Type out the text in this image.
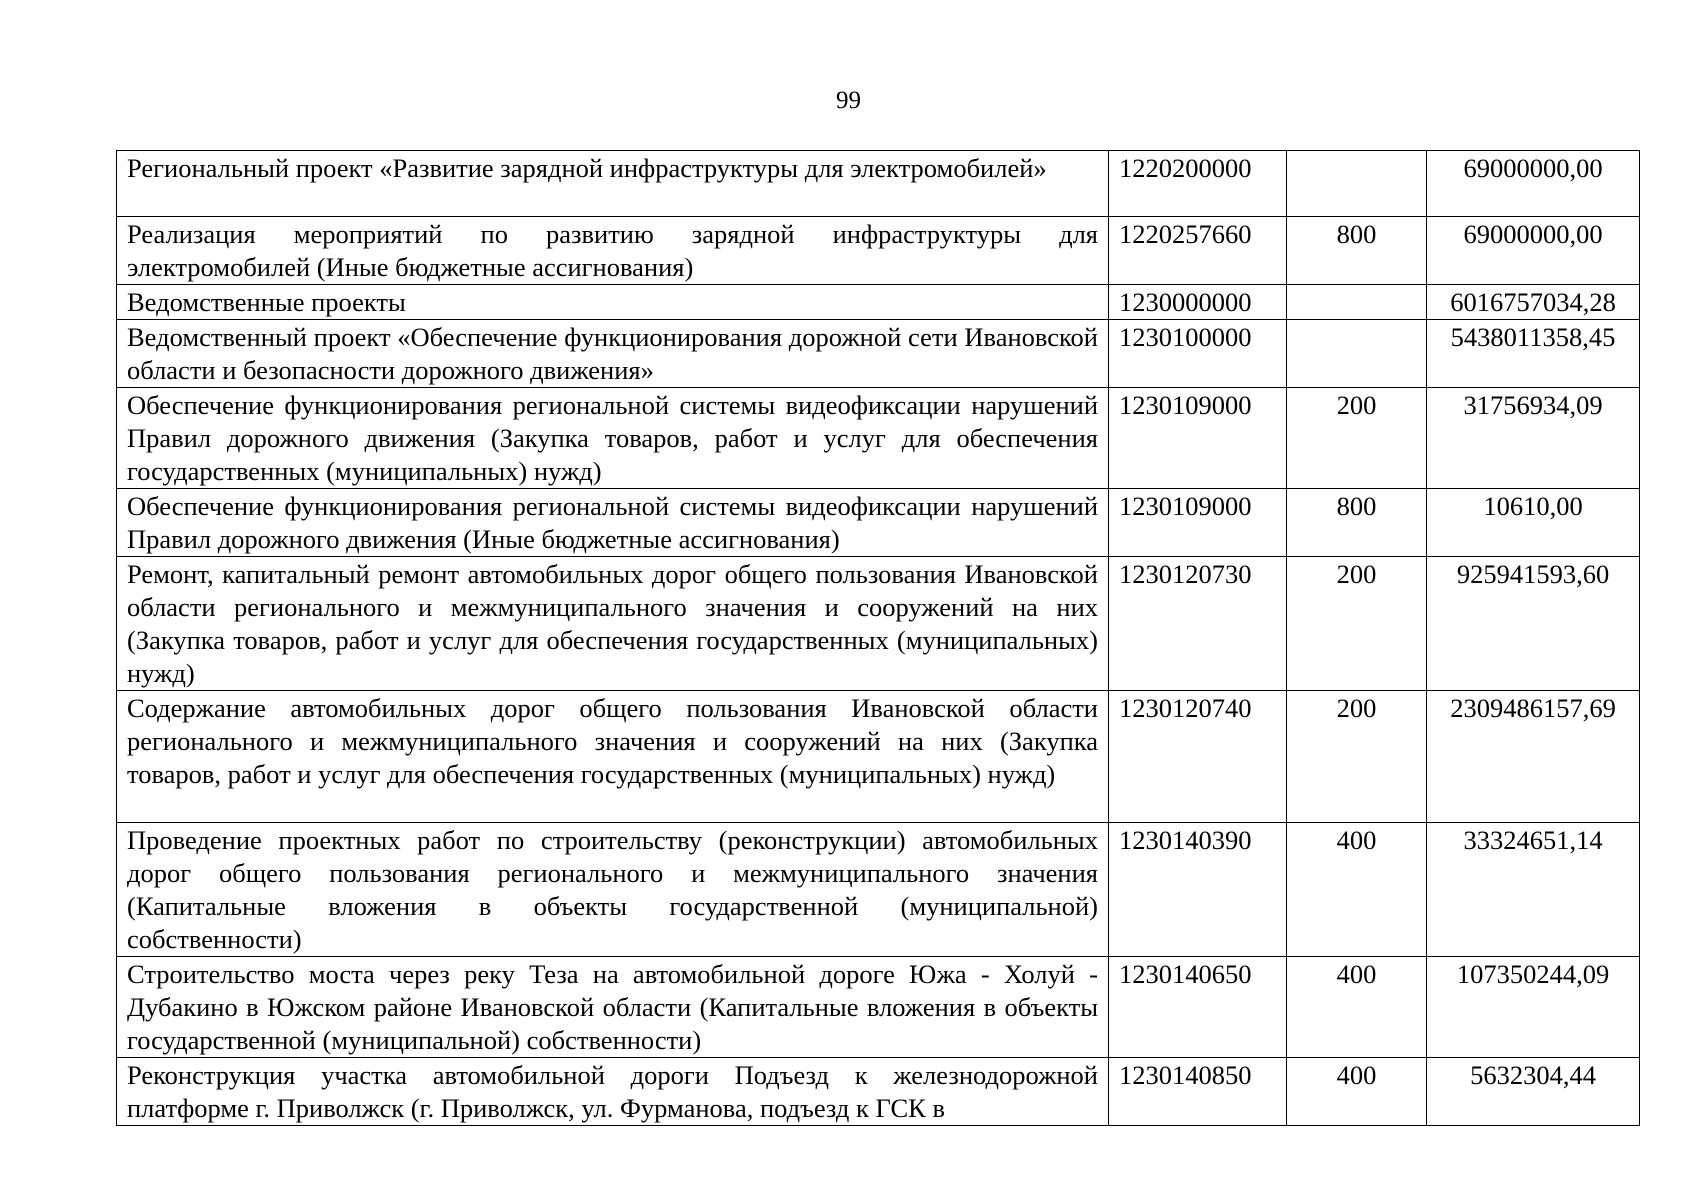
99
Региональный проект «Развитие зарядной инфраструктуры для электромобилей»	1220200000		69000000,00
Реализация мероприятий по развитию зарядной инфраструктуры для электромобилей (Иные бюджетные ассигнования)	1220257660	800	69000000,00
Ведомственные проекты	1230000000		6016757034,28
Ведомственный проект «Обеспечение функционирования дорожной сети Ивановской области и безопасности дорожного движения»	1230100000		5438011358,45
Обеспечение функционирования региональной системы видеофиксации нарушений Правил дорожного движения (Закупка товаров, работ и услуг для обеспечения государственных (муниципальных) нужд)	1230109000	200	31756934,09
Обеспечение функционирования региональной системы видеофиксации нарушений Правил дорожного движения (Иные бюджетные ассигнования)	1230109000	800	10610,00
Ремонт, капитальный ремонт автомобильных дорог общего пользования Ивановской области регионального и межмуниципального значения и сооружений на них (Закупка товаров, работ и услуг для обеспечения государственных (муниципальных) нужд)	1230120730	200	925941593,60
Содержание автомобильных дорог общего пользования Ивановской области регионального и межмуниципального значения и сооружений на них (Закупка товаров, работ и услуг для обеспечения государственных (муниципальных) нужд)	1230120740	200	2309486157,69
Проведение проектных работ по строительству (реконструкции) автомобильных дорог общего пользования регионального и межмуниципального значения (Капитальные вложения в объекты государственной (муниципальной) собственности)	1230140390	400	33324651,14
Строительство моста через реку Теза на автомобильной дороге Южа - Холуй - Дубакино в Южском районе Ивановской области (Капитальные вложения в объекты государственной (муниципальной) собственности)	1230140650	400	107350244,09
Реконструкция участка автомобильной дороги Подъезд к железнодорожной платформе г. Приволжск (г. Приволжск, ул. Фурманова, подъезд к ГСК в	1230140850	400	5632304,44
